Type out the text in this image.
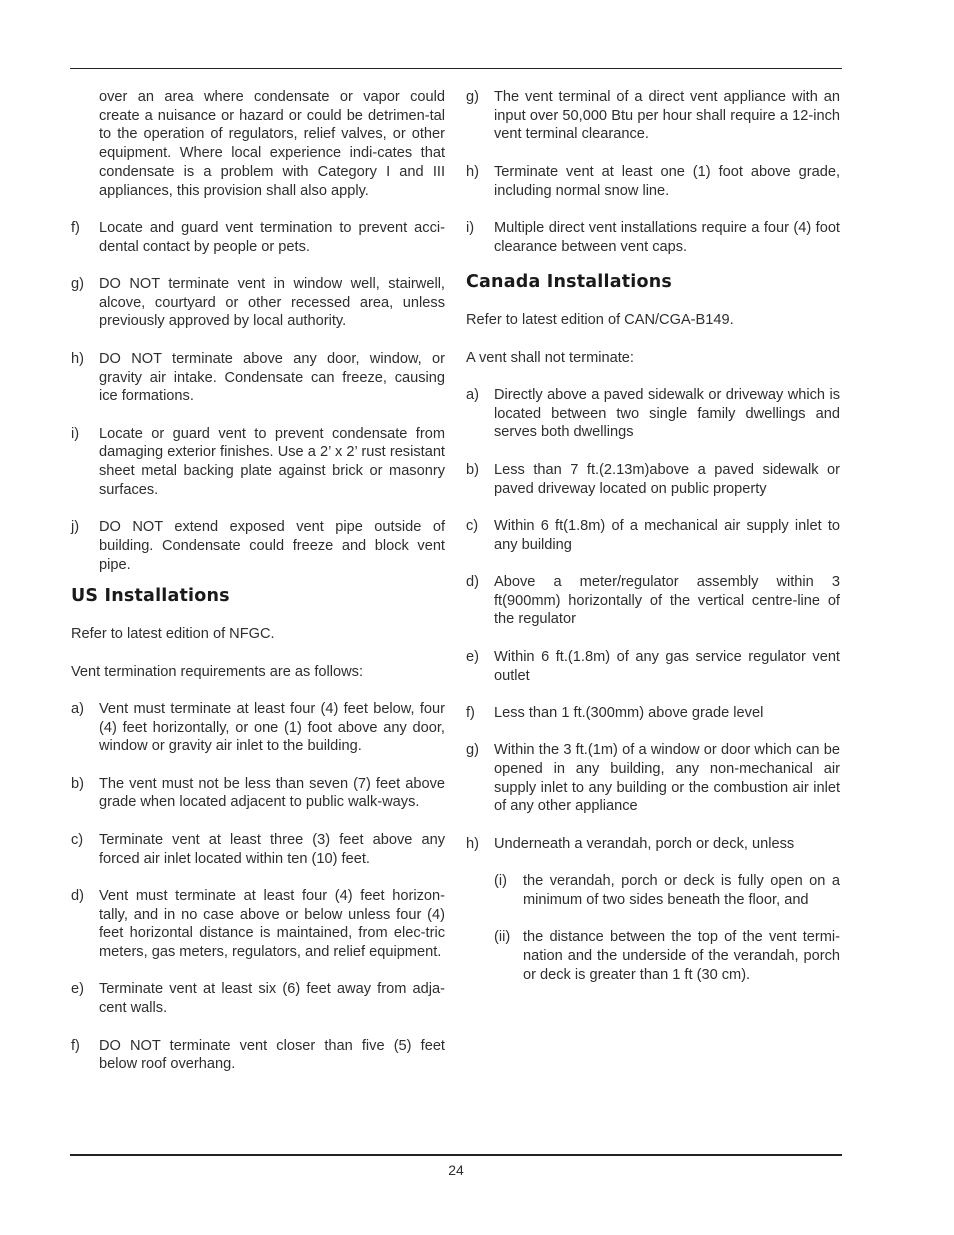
over an area where condensate or vapor could create a nuisance or hazard or could be detrimen-tal to the operation of regulators, relief valves, or other equipment. Where local experience indi-cates that condensate is a problem with Category I and III appliances, this provision shall also apply.
f)	Locate and guard vent termination to prevent acci-dental contact by people or pets.
g)	DO NOT terminate vent in window well, stairwell, alcove, courtyard or other recessed area, unless previously approved by local authority.
h)	DO NOT terminate above any door, window, or gravity air intake. Condensate can freeze, causing ice formations.
i)	Locate or guard vent to prevent condensate from damaging exterior finishes. Use a 2’ x 2’ rust resistant sheet metal backing plate against brick or masonry surfaces.
j)	DO NOT extend exposed vent pipe outside of building. Condensate could freeze and block vent pipe.
US Installations
Refer to latest edition of NFGC.
Vent termination requirements are as follows:
a)	Vent must terminate at least four (4) feet below, four (4) feet horizontally, or one (1) foot above any door, window or gravity air inlet to the building.
b)	The vent must not be less than seven (7) feet above grade when located adjacent to public walk-ways.
c)	Terminate vent at least three (3) feet above any forced air inlet located within ten (10) feet.
d)	Vent must terminate at least four (4) feet horizon-tally, and in no case above or below unless four (4) feet horizontal distance is maintained, from elec-tric meters, gas meters, regulators, and relief equipment.
e)	Terminate vent at least six (6) feet away from adja-cent walls.
f)	DO NOT terminate vent closer than five (5) feet below roof overhang.
g)	The vent terminal of a direct vent appliance with an input over 50,000 Btu per hour shall require a 12-inch vent terminal clearance.
h)	Terminate vent at least one (1) foot above grade, including normal snow line.
i)	Multiple direct vent installations require a four (4) foot clearance between vent caps.
Canada Installations
Refer to latest edition of CAN/CGA-B149.
A vent shall not terminate:
a)	Directly above a paved sidewalk or driveway which is located between two single family dwellings and serves both dwellings
b)	Less than 7 ft.(2.13m)above a paved sidewalk or paved driveway located on public property
c)	Within 6 ft(1.8m) of a mechanical air supply inlet to any building
d)	Above a meter/regulator assembly within 3 ft(900mm) horizontally of the vertical centre-line of the regulator
e)	Within 6 ft.(1.8m) of any gas service regulator vent outlet
f)	Less than 1 ft.(300mm) above grade level
g)	Within the 3 ft.(1m) of a window or door which can be opened in any building, any non-mechanical air supply inlet to any building or the combustion air inlet of any other appliance
h)	Underneath a verandah, porch or deck, unless
(i)	the verandah, porch or deck is fully open on a minimum of two sides beneath the floor, and
(ii) the distance between the top of the vent termi-nation and the underside of the verandah, porch or deck is greater than 1 ft (30 cm).
24
